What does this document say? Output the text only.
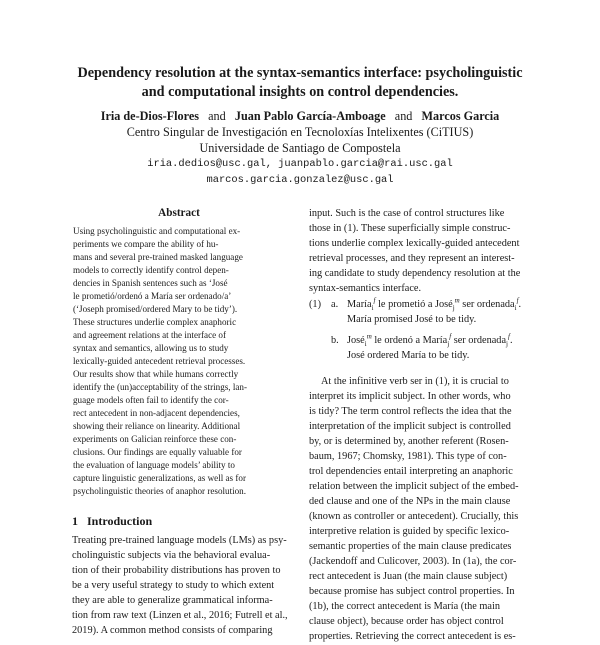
Dependency resolution at the syntax-semantics interface: psycholinguistic
and computational insights on control dependencies.
Iria de-Dios-Flores and Juan Pablo García-Amboage and Marcos Garcia
Centro Singular de Investigación en Tecnoloxías Intelixentes (CiTIUS)
Universidade de Santiago de Compostela
iria.dedios@usc.gal, juanpablo.garcia@rai.usc.gal
marcos.garcia.gonzalez@usc.gal
Abstract
Using psycholinguistic and computational ex-
periments we compare the ability of hu-
mans and several pre-trained masked language
models to correctly identify control depen-
dencies in Spanish sentences such as ‘José
le prometió/ordenó a María ser ordenado/a’
(‘Joseph promised/ordered Mary to be tidy’).
These structures underlie complex anaphoric
and agreement relations at the interface of
syntax and semantics, allowing us to study
lexically-guided antecedent retrieval processes.
Our results show that while humans correctly
identify the (un)acceptability of the strings, lan-
guage models often fail to identify the cor-
rect antecedent in non-adjacent dependencies,
showing their reliance on linearity. Additional
experiments on Galician reinforce these con-
clusions. Our findings are equally valuable for
the evaluation of language models’ ability to
capture linguistic generalizations, as well as for
psycholinguistic theories of anaphor resolution.
1 Introduction
Treating pre-trained language models (LMs) as psy-
cholinguistic subjects via the behavioral evalua-
tion of their probability distributions has proven to
be a very useful strategy to study to which extent
they are able to generalize grammatical informa-
tion from raw text (Linzen et al., 2016; Futrell et al.,
2019). A common method consists of comparing
input. Such is the case of control structures like
those in (1). These superficially simple construc-
tions underlie complex lexically-guided antecedent
retrieval processes, and they represent an interest-
ing candidate to study dependency resolution at the
syntax-semantics interface.
(1) a. María$_i^f$ le prometió a José$_j^m$ ser ordenada$_i^f$.
María promised José to be tidy.
b. José$_i^m$ le ordenó a María$_j^f$ ser ordenada$_j^f$.
José ordered María to be tidy.
At the infinitive verb ser in (1), it is crucial to
interpret its implicit subject. In other words, who
is tidy? The term control reflects the idea that the
interpretation of the implicit subject is controlled
by, or is determined by, another referent (Rosen-
baum, 1967; Chomsky, 1981). This type of con-
trol dependencies entail interpreting an anaphoric
relation between the implicit subject of the embed-
ded clause and one of the NPs in the main clause
(known as controller or antecedent). Crucially, this
interpretive relation is guided by specific lexico-
semantic properties of the main clause predicates
(Jackendoff and Culicover, 2003). In (1a), the cor-
rect antecedent is Juan (the main clause subject)
because promise has subject control properties. In
(1b), the correct antecedent is María (the main
clause object), because order has object control
properties. Retrieving the correct antecedent is es-
